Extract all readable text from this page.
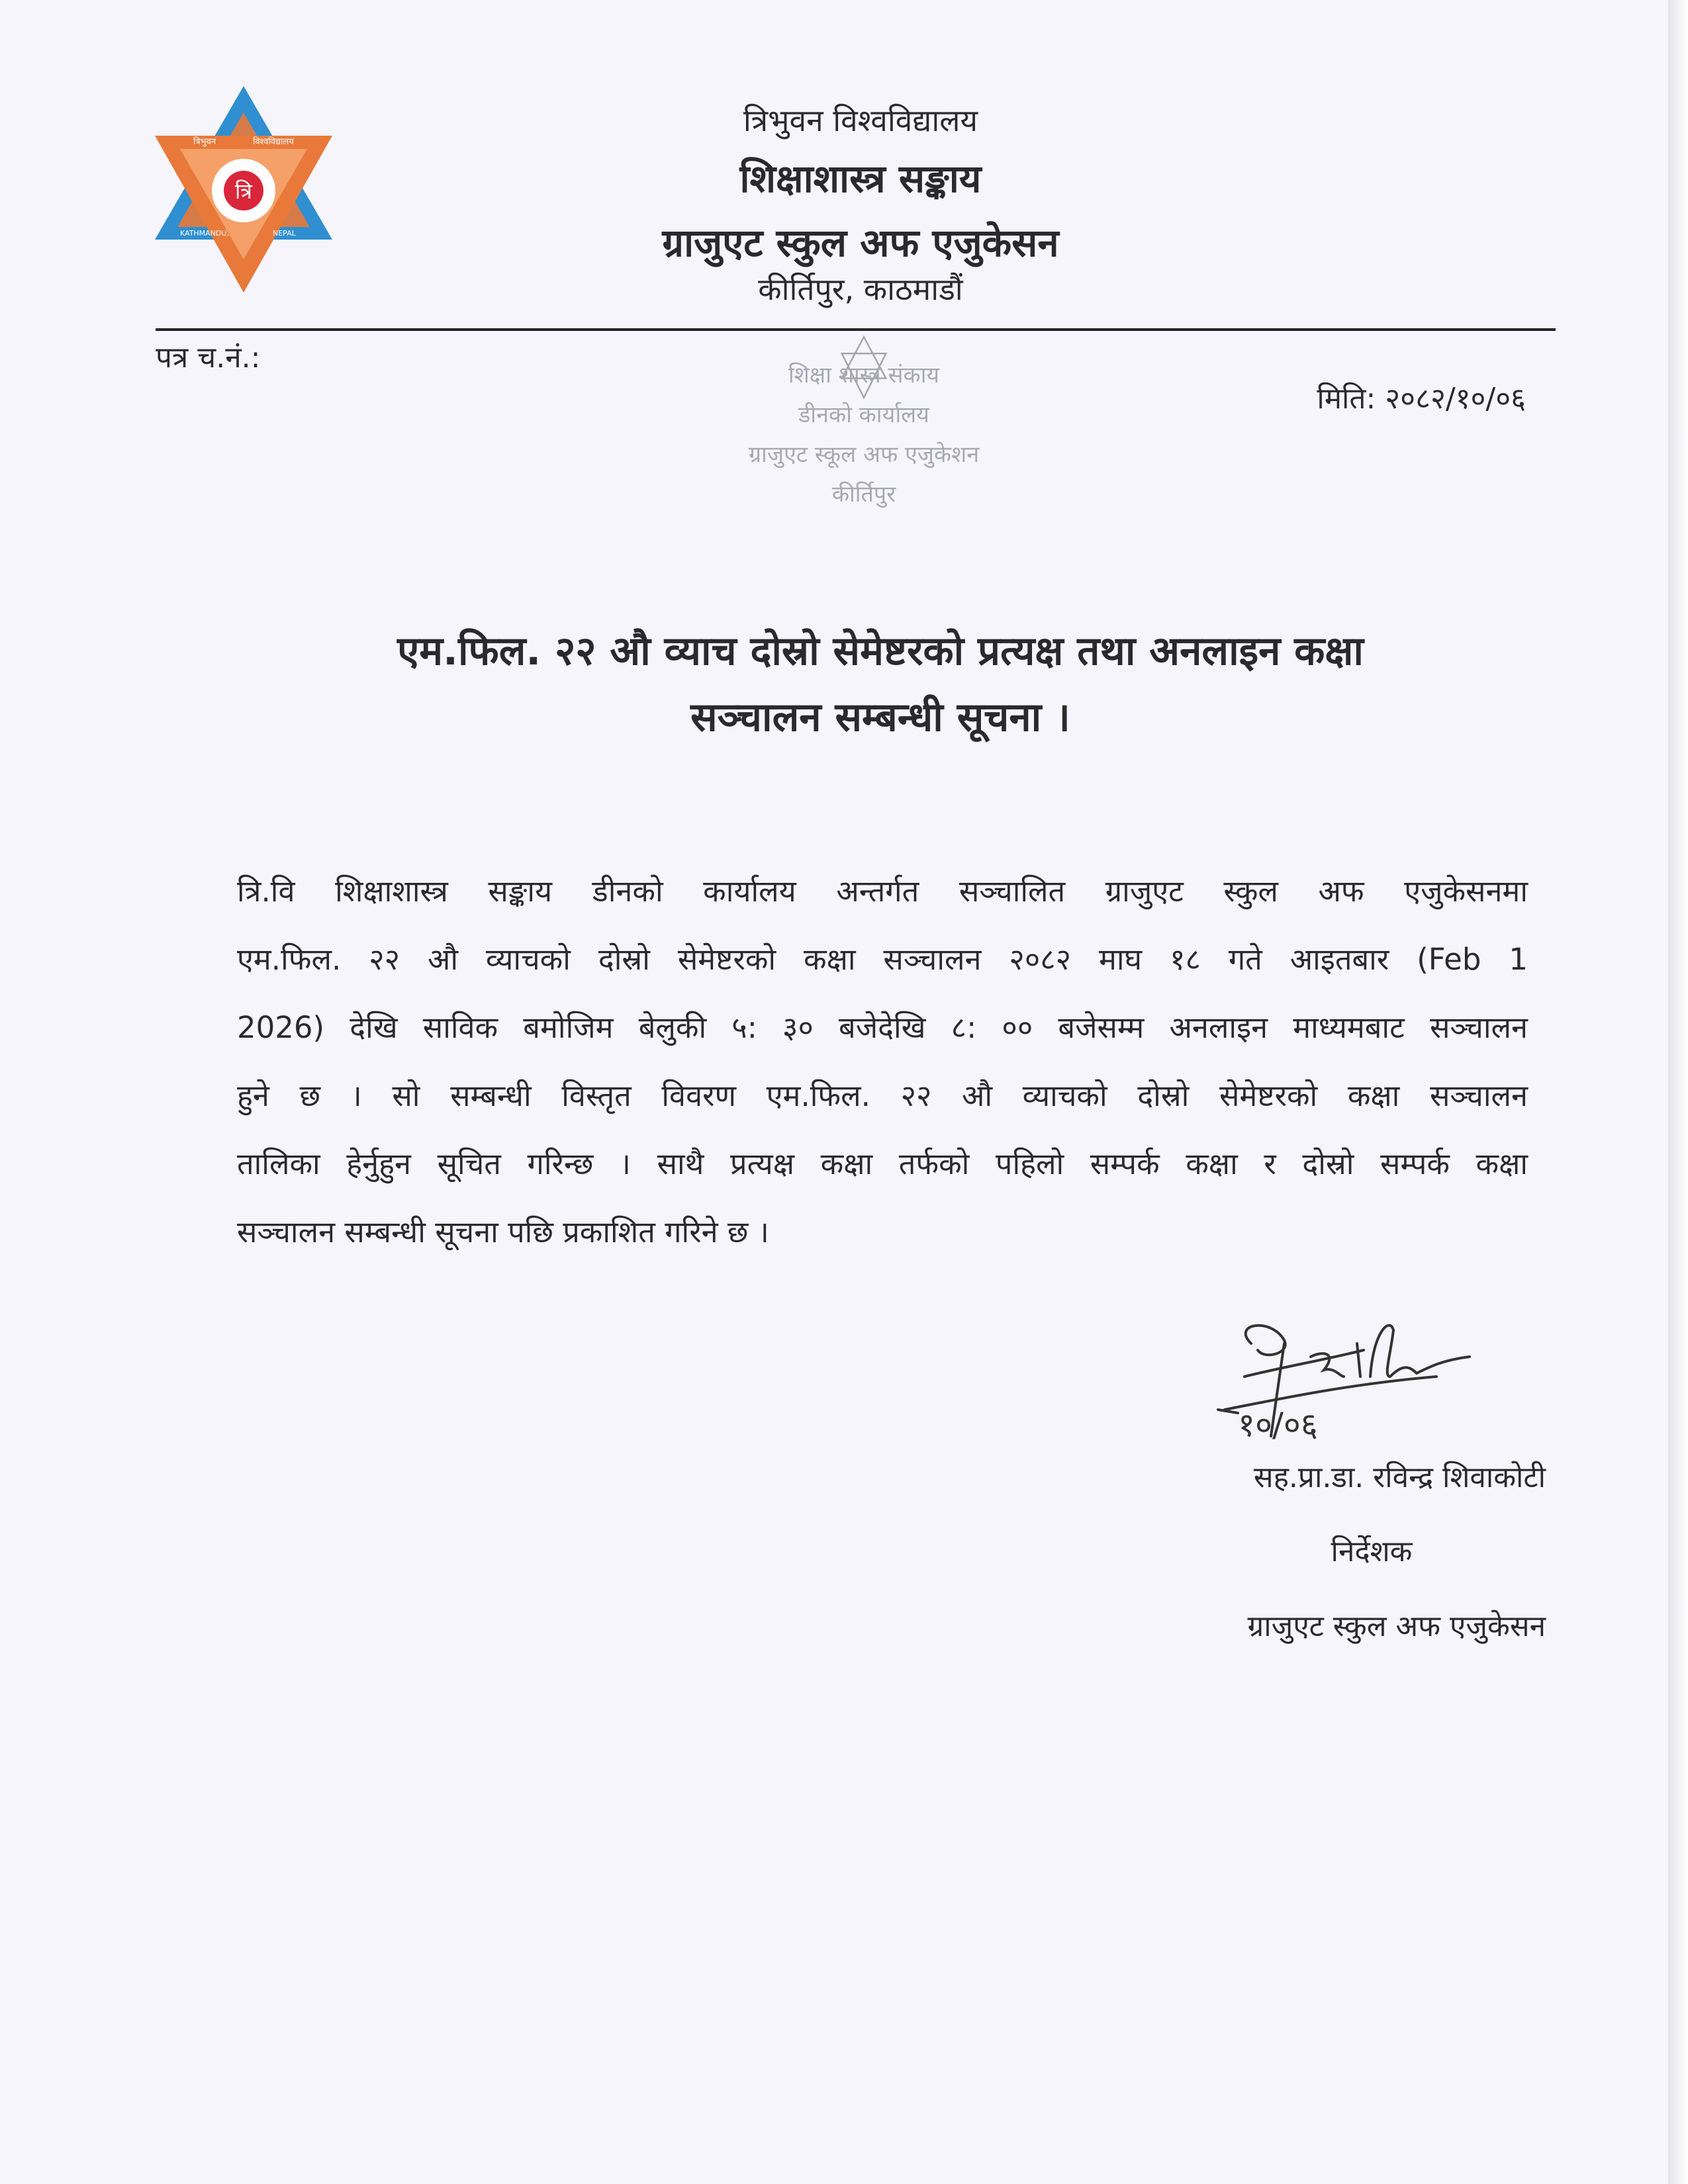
त्रि
त्रिभुवन	विश्वविद्यालय
KATHMANDU,	NEPAL
त्रिभुवन विश्वविद्यालय
शिक्षाशास्त्र सङ्काय
ग्राजुएट स्कुल अफ एजुकेसन
कीर्तिपुर, काठमाडौं
शिक्षा शास्त्र संकाय
डीनको कार्यालय
ग्राजुएट स्कूल अफ एजुकेशन
कीर्तिपुर
पत्र च.नं.:
मिति: २०८२/१०/०६
एम.फिल. २२ औ व्याच दोस्रो सेमेष्टरको प्रत्यक्ष तथा अनलाइन कक्षा
सञ्चालन सम्बन्धी सूचना ।
त्रि.वि शिक्षाशास्त्र सङ्काय डीनको कार्यालय अन्तर्गत सञ्चालित ग्राजुएट स्कुल अफ एजुकेसनमा
एम.फिल. २२ औ व्याचको दोस्रो सेमेष्टरको कक्षा सञ्चालन २०८२ माघ १८ गते आइतबार (Feb 1
2026) देखि साविक बमोजिम बेलुकी ५: ३० बजेदेखि ८: ०० बजेसम्म अनलाइन माध्यमबाट सञ्चालन
हुने छ । सो सम्बन्धी विस्तृत विवरण एम.फिल. २२ औ व्याचको दोस्रो सेमेष्टरको कक्षा सञ्चालन
तालिका हेर्नुहुन सूचित गरिन्छ । साथै प्रत्यक्ष कक्षा तर्फको पहिलो सम्पर्क कक्षा र दोस्रो सम्पर्क कक्षा
सञ्चालन सम्बन्धी सूचना पछि प्रकाशित गरिने छ ।
१०/०६
सह.प्रा.डा. रविन्द्र शिवाकोटी
निर्देशक
ग्राजुएट स्कुल अफ एजुकेसन
